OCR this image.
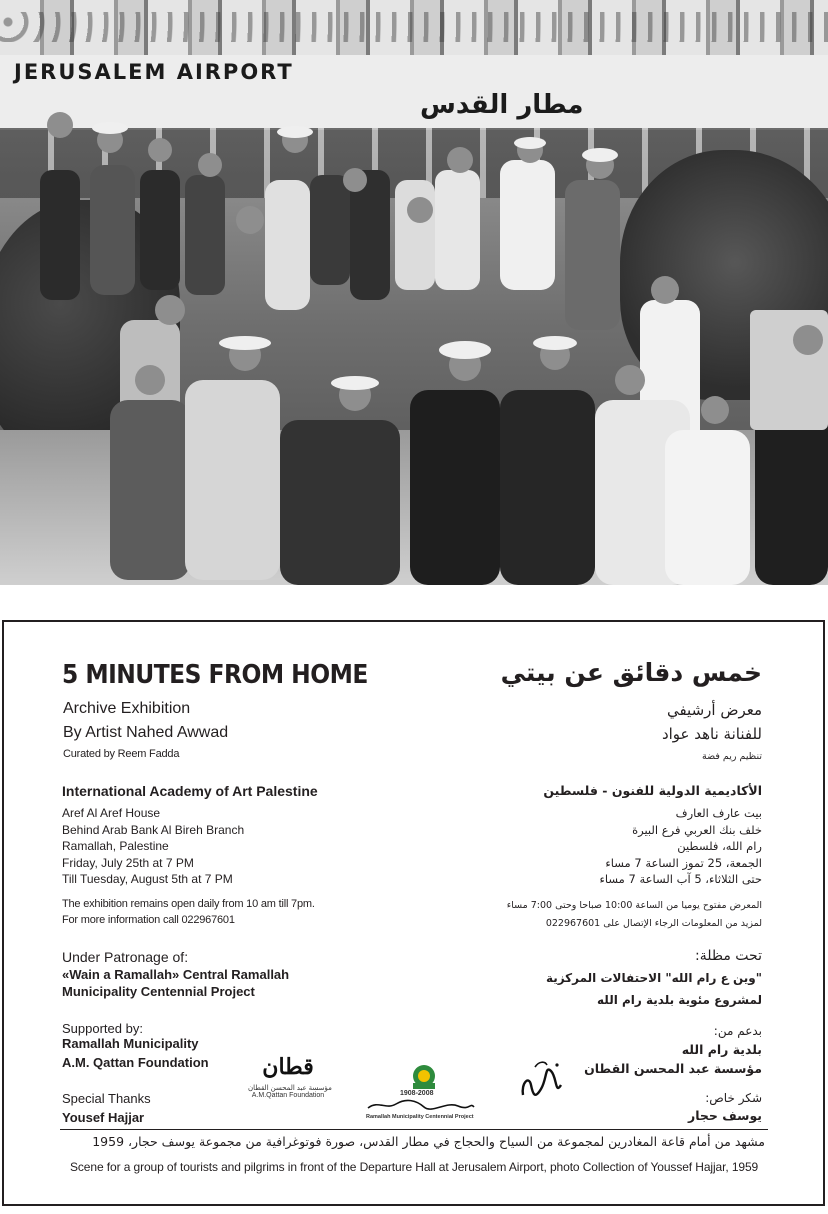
JERUSALEM AIRPORT
مطار القدس
5 MINUTES FROM HOME
Archive Exhibition
By Artist Nahed Awwad
Curated by Reem Fadda
خمس دقائق عن بيتي
معرض أرشيفي
للفنانة ناهد عواد
تنظيم ريم فضة
International Academy of Art Palestine
Aref Al Aref House
Behind Arab Bank Al Bireh Branch
Ramallah, Palestine
Friday, July 25th at 7 PM
Till Tuesday, August 5th at 7 PM
الأكاديمية الدولية للفنون - فلسطين
بيت عارف العارف
خلف بنك العربي فرع البيرة
رام الله، فلسطين
الجمعة، 25 تموز الساعة 7 مساء
حتى الثلاثاء، 5 آب الساعة 7 مساء
The exhibition remains open daily from 10 am till 7pm.
For more information call 022967601
المعرض مفتوح يوميا من الساعة 10:00 صباحا وحتى 7:00 مساء
لمزيد من المعلومات الرجاء الإتصال على 022967601
Under Patronage of:
«Wain a Ramallah» Central Ramallah
Municipality Centennial Project
تحت مظلة:
"وين ع رام الله" الاحتفالات المركزية
لمشروع مئوية بلدية رام الله
Supported by:
Ramallah Municipality
A.M. Qattan Foundation
بدعم من:
بلدية رام الله
مؤسسة عبد المحسن القطان
Special Thanks
Yousef Hajjar
شكر خاص:
يوسف حجار
قطان
مؤسسة عبد المحسن القطان
A.M.Qattan Foundation	1908-2008
Ramallah Municipality Centennial Project
مشهد من أمام قاعة المغادرين لمجموعة من السياح والحجاج في مطار القدس، صورة فوتوغرافية من مجموعة يوسف حجار، 1959
Scene for a group of tourists and pilgrims in front of the Departure Hall at Jerusalem Airport, photo Collection of Youssef Hajjar, 1959
